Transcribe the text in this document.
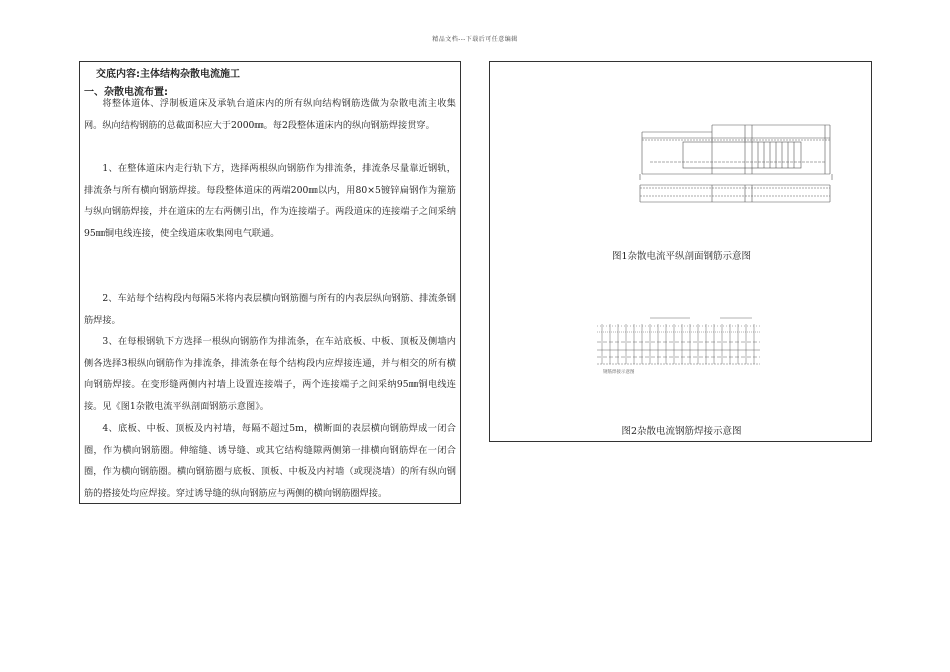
精品文档---下载后可任意编辑
交底内容:主体结构杂散电流施工
一、杂散电流布置:

将整体道体、浮制板道床及承轨台道床内的所有纵向结构钢筋选做为杂散电流主收集网。纵向结构钢筋的总截面积应大于2000㎜。每2段整体道床内的纵向钢筋焊接贯穿。

1、在整体道床内走行轨下方，选择两根纵向钢筋作为排流条，排流条尽量靠近钢轨，排流条与所有横向钢筋焊接。每段整体道床的两端200㎜以内，用80×5镀锌扁钢作为箍筋与纵向钢筋焊接，并在道床的左右两侧引出，作为连接端子。两段道床的连接端子之间采纳95㎜铜电线连接，使全线道床收集网电气联通。

2、车站每个结构段内每隔5米将内表层横向钢筋圈与所有的内表层纵向钢筋、排流条钢筋焊接。

3、在每根钢轨下方选择一根纵向钢筋作为排流条，在车站底板、中板、顶板及侧墙内侧各选择3根纵向钢筋作为排流条，排流条在每个结构段内应焊接连通，并与相交的所有横向钢筋焊接。在变形缝两侧内衬墙上设置连接端子，两个连接端子之间采纳95㎜铜电线连接。见《图1杂散电流平纵剖面钢筋示意图》。

4、底板、中板、顶板及内衬墙，每隔不超过5m，横断面的表层横向钢筋焊成一闭合圈，作为横向钢筋圈。伸缩缝、诱导缝、或其它结构缝隙两侧第一排横向钢筋焊在一闭合圈，作为横向钢筋圈。横向钢筋圈与底板、顶板、中板及内衬墙（或现浇墙）的所有纵向钢筋的搭接处均应焊接。穿过诱导缝的纵向钢筋应与两侧的横向钢筋圈焊接。

图1杂散电流平纵剖面钢筋示意图
钢筋焊接示意图
图2杂散电流钢筋焊接示意图
